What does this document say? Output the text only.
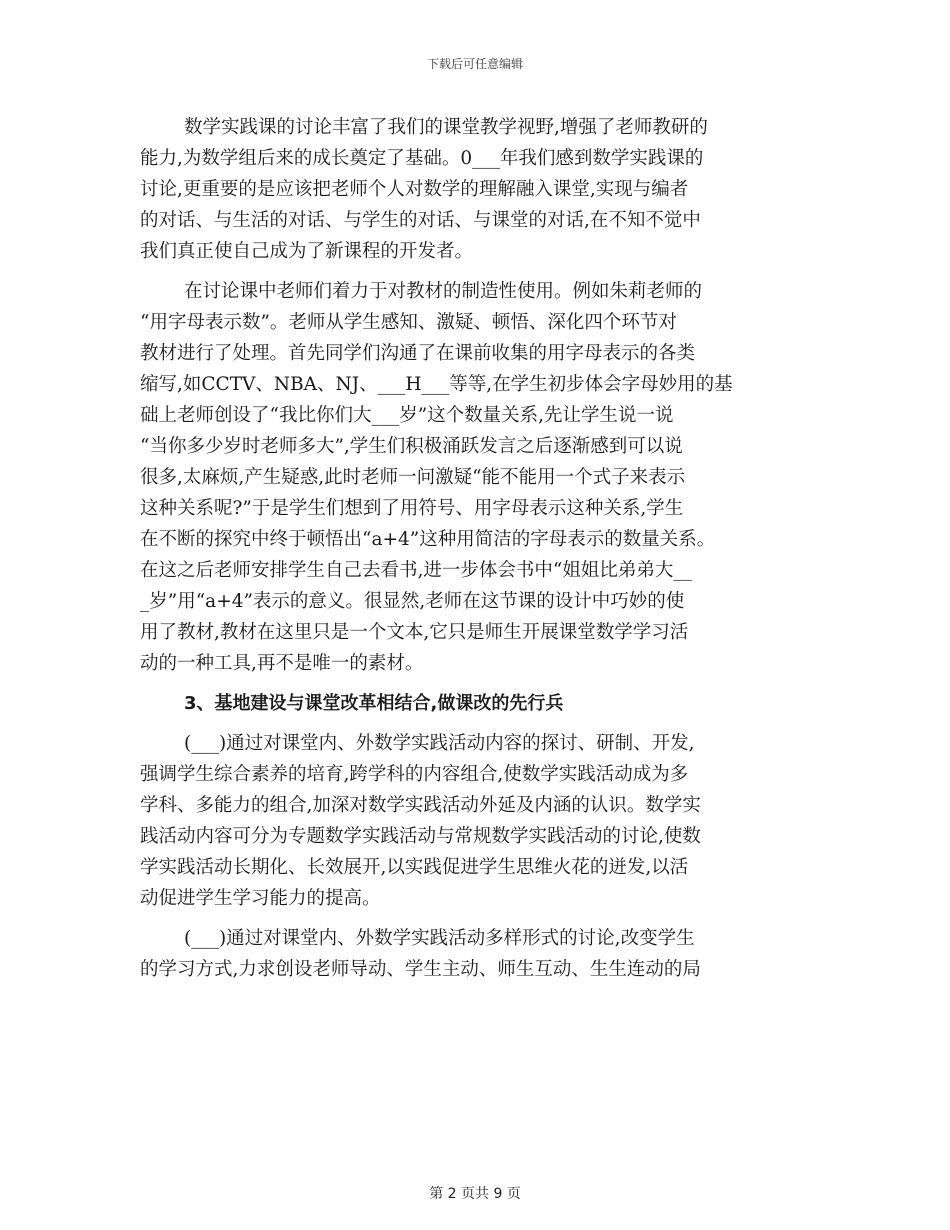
下载后可任意编辑
数学实践课的讨论丰富了我们的课堂教学视野,增强了老师教研的
能力,为数学组后来的成长奠定了基础。0___年我们感到数学实践课的
讨论,更重要的是应该把老师个人对数学的理解融入课堂,实现与编者
的对话、与生活的对话、与学生的对话、与课堂的对话,在不知不觉中
我们真正使自己成为了新课程的开发者。
在讨论课中老师们着力于对教材的制造性使用。例如朱莉老师的
“用字母表示数”。老师从学生感知、激疑、顿悟、深化四个环节对
教材进行了处理。首先同学们沟通了在课前收集的用字母表示的各类
缩写,如CCTV、NBA、NJ、___H___等等,在学生初步体会字母妙用的基
础上老师创设了“我比你们大___岁”这个数量关系,先让学生说一说
“当你多少岁时老师多大”,学生们积极涌跃发言之后逐渐感到可以说
很多,太麻烦,产生疑惑,此时老师一问激疑“能不能用一个式子来表示
这种关系呢?”于是学生们想到了用符号、用字母表示这种关系,学生
在不断的探究中终于顿悟出“a+4”这种用简洁的字母表示的数量关系。
在这之后老师安排学生自己去看书,进一步体会书中“姐姐比弟弟大__
_岁”用“a+4”表示的意义。很显然,老师在这节课的设计中巧妙的使
用了教材,教材在这里只是一个文本,它只是师生开展课堂数学学习活
动的一种工具,再不是唯一的素材。
3、基地建设与课堂改革相结合,做课改的先行兵
(___)通过对课堂内、外数学实践活动内容的探讨、研制、开发,
强调学生综合素养的培育,跨学科的内容组合,使数学实践活动成为多
学科、多能力的组合,加深对数学实践活动外延及内涵的认识。数学实
践活动内容可分为专题数学实践活动与常规数学实践活动的讨论,使数
学实践活动长期化、长效展开,以实践促进学生思维火花的迸发,以活
动促进学生学习能力的提高。
(___)通过对课堂内、外数学实践活动多样形式的讨论,改变学生
的学习方式,力求创设老师导动、学生主动、师生互动、生生连动的局
第 2 页共 9 页
